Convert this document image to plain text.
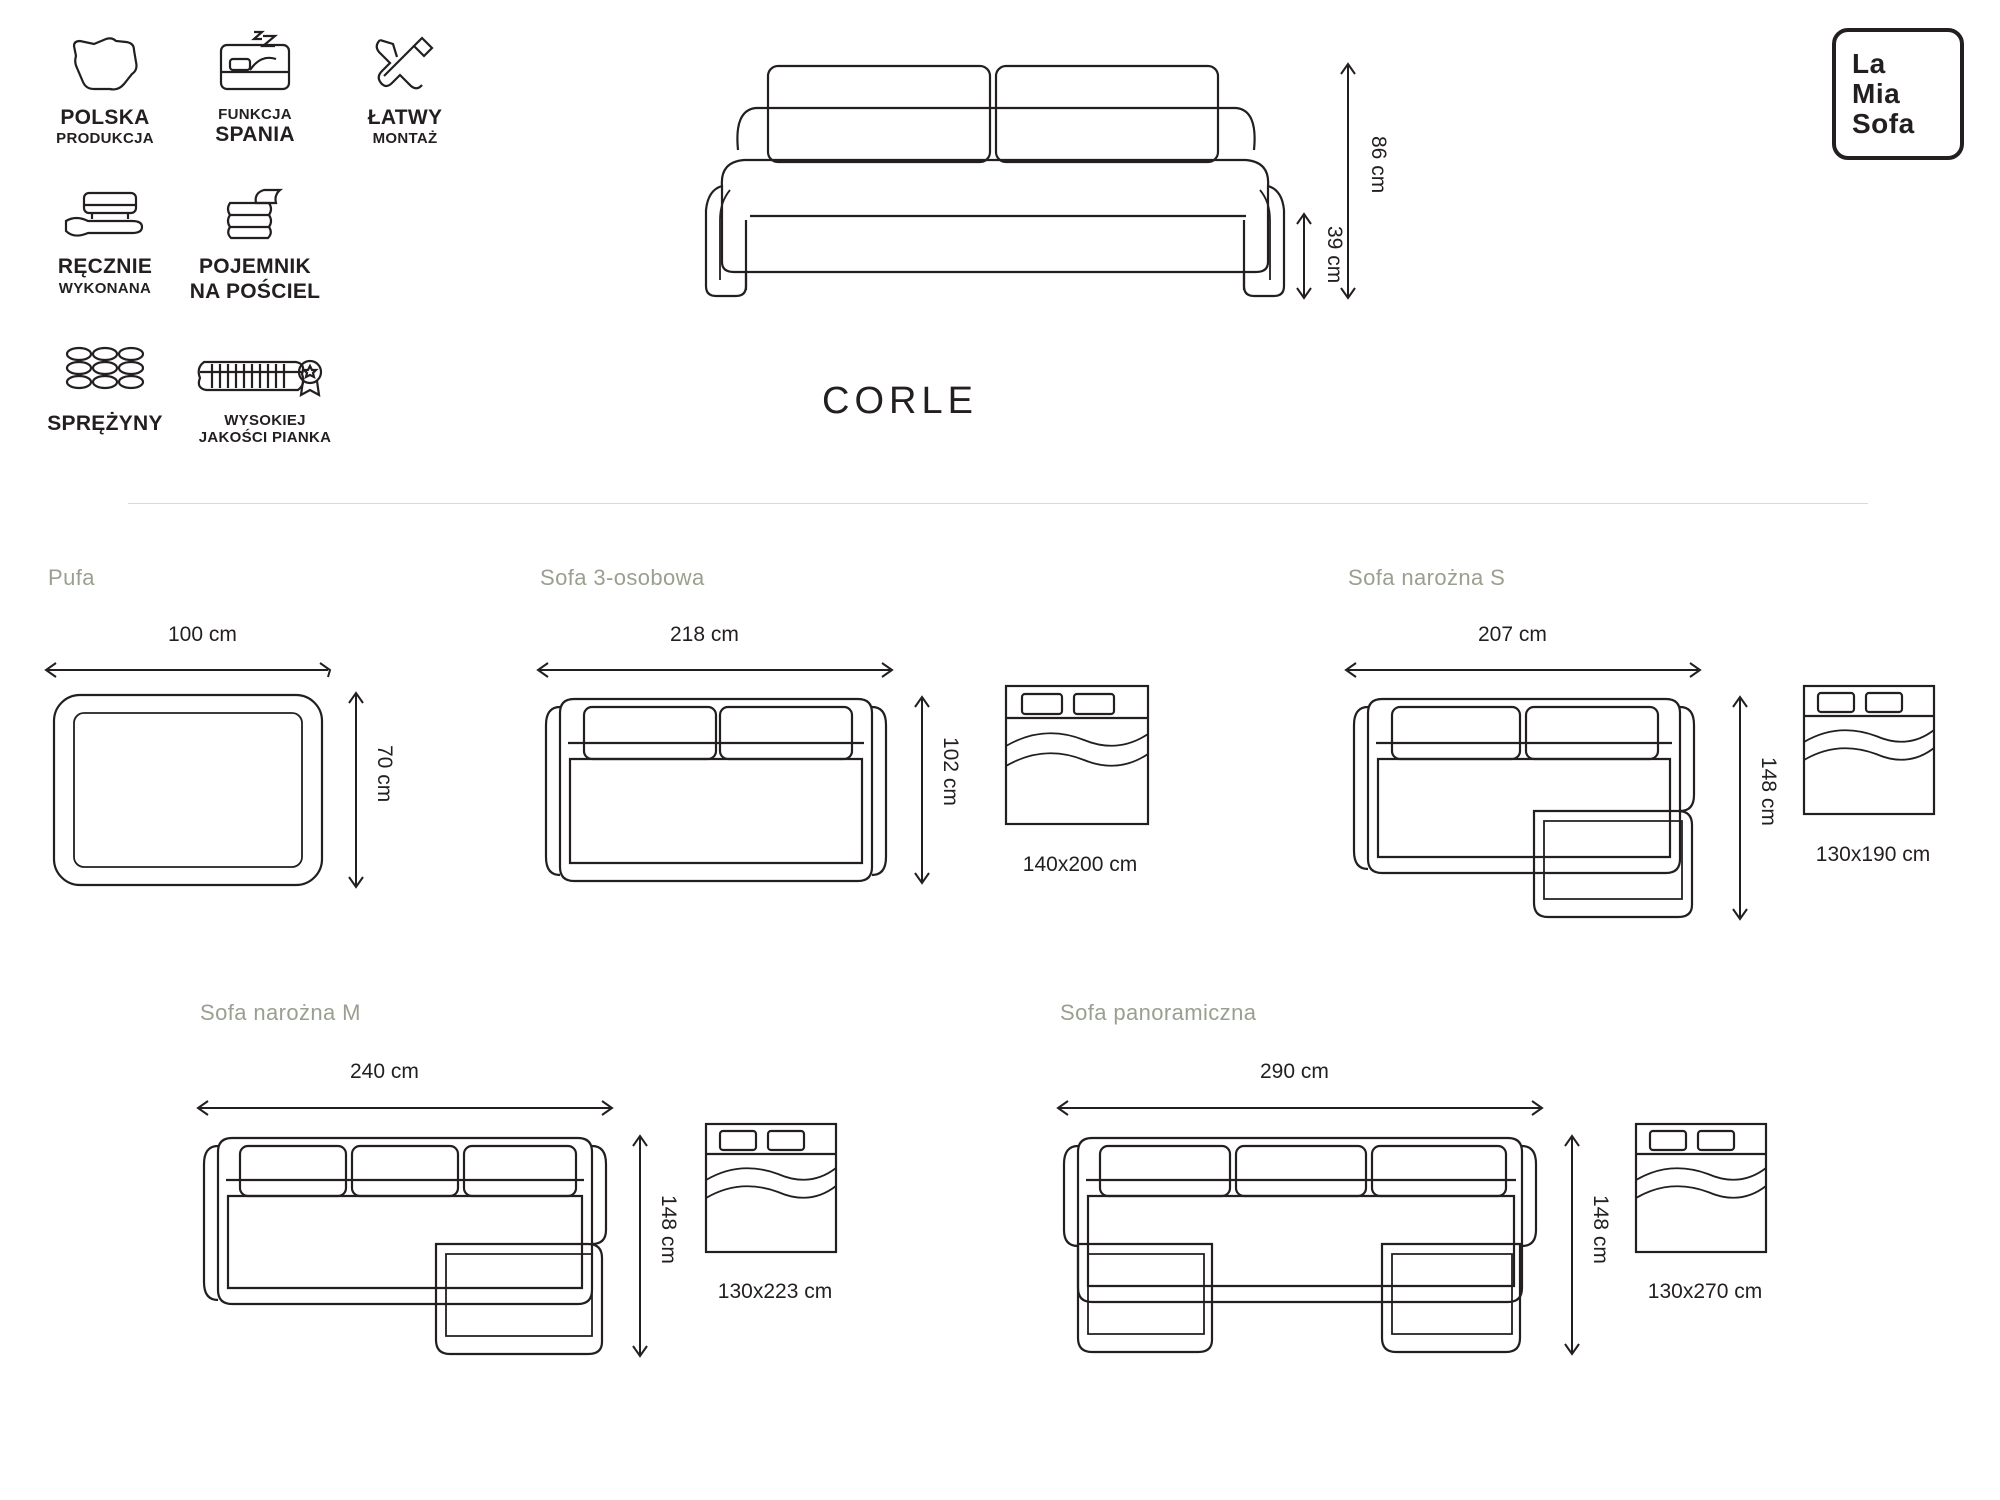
POLSKA
PRODUKCJA
FUNKCJA
SPANIA
ŁATWY
MONTAŻ
RĘCZNIE
WYKONANA
POJEMNIK
NA POŚCIEL
SPRĘŻYNY	WYSOKIEJ
JAKOŚCI PIANKA
86 cm
39 cm
CORLE
La
Mia
Sofa
Pufa
100 cm
70 cm
Sofa 3-osobowa
218 cm
102 cm
140x200 cm
Sofa narożna S
207 cm
148 cm
130x190 cm
Sofa narożna M
240 cm
148 cm
130x223 cm
Sofa panoramiczna
290 cm
148 cm
130x270 cm
